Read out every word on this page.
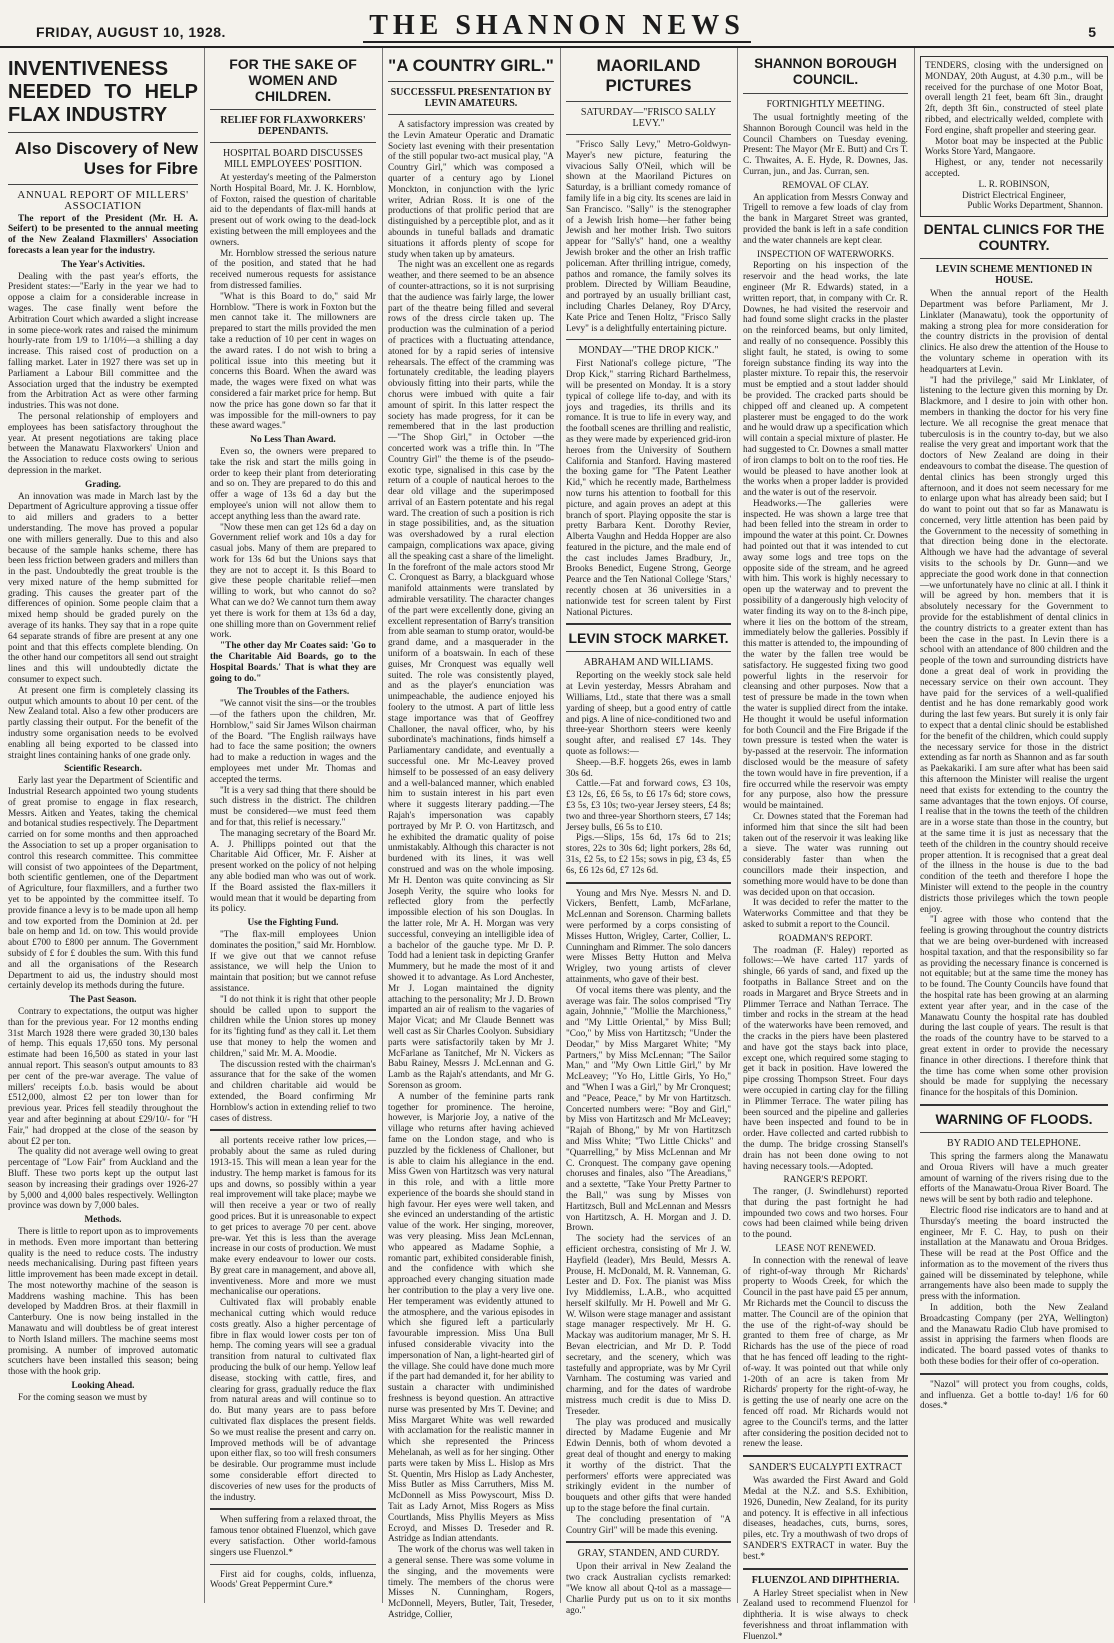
FRIDAY, AUGUST 10, 1928.	THE SHANNON NEWS	5
INVENTIVENESS NEEDED TO HELP FLAX INDUSTRY
Also Discovery of New Uses for Fibre
ANNUAL REPORT OF MILLERS' ASSOCIATION

The report of the President (Mr. H. A. Seifert) to be presented to the annual meeting of the New Zealand Flaxmillers' Association forecasts a lean year for the industry.

The Year's Activities.

Dealing with the past year's efforts, the President states:—"Early in the year we had to oppose a claim for a considerable increase in wages. The case finally went before the Arbitration Court which awarded a slight increase in some piece-work rates and raised the minimum hourly-rate from 1/9 to 1/10½—a shilling a day increase. This raised cost of production on a falling market. Later in 1927 there was set up in Parliament a Labour Bill committee and the Association urged that the industry be exempted from the Arbitration Act as were other farming industries. This was not done.

The personal relationship of employers and employees has been satisfactory throughout the year. At present negotiations are taking place between the Manawatu Flaxworkers' Union and the Association to reduce costs owing to serious depression in the market.

Grading.

An innovation was made in March last by the Department of Agriculture approving a tissue offer to aid millers and graders to a better understanding. The move has proved a popular one with millers generally. Due to this and also because of the sample hanks scheme, there has been less friction between graders and millers than in the past. Undoubtedly the great trouble is the very mixed nature of the hemp submitted for grading. This causes the greater part of the differences of opinion. Some people claim that a mixed hemp should be graded purely on the average of its hanks. They say that in a rope quite 64 separate strands of fibre are present at any one point and that this effects complete blending. On the other hand our competitors all send out straight lines and this will undoubtedly dictate the consumer to expect such.

At present one firm is completely classing its output which amounts to about 10 per cent. of the New Zealand total. Also a few other producers are partly classing their output. For the benefit of the industry some organisation needs to be evolved enabling all being exported to be classed into straight lines containing hanks of one grade only.

Scientific Research.

Early last year the Department of Scientific and Industrial Research appointed two young students of great promise to engage in flax research, Messrs. Aitken and Yeates, taking the chemical and botanical studies respectively. The Department carried on for some months and then approached the Association to set up a proper organisation to control this research committee. This committee will consist of two appointees of the Department, both scientific gentlemen, one of the Department of Agriculture, four flaxmillers, and a further two yet to be appointed by the committee itself. To provide finance a levy is to be made upon all hemp and tow exported from the Dominion at 2d. per bale on hemp and 1d. on tow. This would provide about £700 to £800 per annum. The Government subsidy of £ for £ doubles the sum. With this fund and all the organisations of the Research Department to aid us, the industry should most certainly develop its methods during the future.

The Past Season.

Contrary to expectations, the output was higher than for the previous year. For 12 months ending 31st March 1928 there were graded 30,130 bales of hemp. This equals 17,650 tons. My personal estimate had been 16,500 as stated in your last annual report. This season's output amounts to 83 per cent of the pre-war average. The value of millers' receipts f.o.b. basis would be about £512,000, almost £2 per ton lower than for previous year. Prices fell steadily throughout the year and after beginning at about £29/10/- for "H Fair," had dropped at the close of the season by about £2 per ton.

The quality did not average well owing to great percentage of "Low Fair" from Auckland and the Bluff. These two ports kept up the output last season by increasing their gradings over 1926-27 by 5,000 and 4,000 bales respectively. Wellington province was down by 7,000 bales.

Methods.

There is little to report upon as to improvements in methods. Even more important than bettering quality is the need to reduce costs. The industry needs mechanicalising. During past fifteen years little improvement has been made except in detail. The most noteworthy machine of the season is Maddrens washing machine. This has been developed by Maddren Bros. at their flaxmill in Canterbury. One is now being installed in the Manawatu and will doubtless be of great interest to North Island millers. The machine seems most promising. A number of improved automatic scutchers have been installed this season; being those with the hook grip.

Looking Ahead.

For the coming season we must by

FOR THE SAKE OF WOMEN AND CHILDREN.
RELIEF FOR FLAXWORKERS' DEPENDANTS.
HOSPITAL BOARD DISCUSSES MILL EMPLOYEES' POSITION.

At yesterday's meeting of the Palmerston North Hospital Board, Mr. J. K. Hornblow, of Foxton, raised the question of charitable aid to the dependants of flax-mill hands at present out of work owing to the dead-lock existing between the mill employees and the owners.

Mr. Hornblow stressed the serious nature of the position, and stated that he had received numerous requests for assistance from distressed families.

"What is this Board to do," said Mr Hornblow. "There is work in Foxton but the men cannot take it. The millowners are prepared to start the mills provided the men take a reduction of 10 per cent in wages on the award rates. I do not wish to bring a political issue into this meeting but it concerns this Board. When the award was made, the wages were fixed on what was considered a fair market price for hemp. But now the price has gone down so far that it was impossible for the mill-owners to pay these award wages."

No Less Than Award.

Even so, the owners were prepared to take the risk and start the mills going in order to keep their plant from deteriorating and so on. They are prepared to do this and offer a wage of 13s 6d a day but the employee's union will not allow them to accept anything less than the award rate.

"Now these men can get 12s 6d a day on Government relief work and 10s a day for casual jobs. Many of them are prepared to work for 13s 6d but the Unions says that they are not to accept it. Is this Board to give these people charitable relief—men willing to work, but who cannot do so? What can we do? We cannot turn them away yet there is work for them at 13s 6d a day, one shilling more than on Government relief work.

"The other day Mr Coates said: 'Go to the Charitable Aid Boards, go to the Hospital Boards.' That is what they are going to do."

The Troubles of the Fathers.

"We cannot visit the sins—or the troubles—of the fathers upon the children, Mr. Hornblow," said Sir James Wilson chairman of the Board. "The English railways have had to face the same position; the owners had to make a reduction in wages and the employees met under Mr. Thomas and accepted the terms.

"It is a very sad thing that there should be such distress in the district. The children must be considered—we must feed them and for that, this relief is necessary."

The managing secretary of the Board Mr. A. J. Phillipps pointed out that the Charitable Aid Officer, Mr. F. Aisher at present worked on the policy of not helping any able bodied man who was out of work. If the Board assisted the flax-millers it would mean that it would be departing from its policy.

Use the Fighting Fund.

"The flax-mill employees Union dominates the position," said Mr. Hornblow. If we give out that we cannot refuse assistance, we will help the Union to maintain that position; but we cannot refuse assistance.

"I do not think it is right that other people should be called upon to support the children while the Union stores up money for its 'fighting fund' as they call it. Let them use that money to help the women and children," said Mr. M. A. Moodie.

The discussion rested with the chairman's assurance that for the sake of the women and children charitable aid would be extended, the Board confirming Mr Hornblow's action in extending relief to two cases of distress.

all portents receive rather low prices,—probably about the same as ruled during 1913-15. This will mean a lean year for the industry. The hemp market is famous for its ups and downs, so possibly within a year real improvement will take place; maybe we will then receive a year or two of really good prices. But it is unreasonable to expect to get prices to average 70 per cent. above pre-war. Yet this is less than the average increase in our costs of production. We must make every endeavour to lower our costs. By great care in management, and above all, inventiveness. More and more we must mechanicalise our operations.

Cultivated flax will probably enable mechanical cutting which would reduce costs greatly. Also a higher percentage of fibre in flax would lower costs per ton of hemp. The coming years will see a gradual transition from natural to cultivated flax producing the bulk of our hemp. Yellow leaf disease, stocking with cattle, fires, and clearing for grass, gradually reduce the flax from natural areas and will continue so to do. But many years are to pass before cultivated flax displaces the present fields. So we must realise the present and carry on. Improved methods will be of advantage upon either flax, so too will fresh consumers be desirable. Our programme must include some considerable effort directed to discoveries of new uses for the products of the industry.

When suffering from a relaxed throat, the famous tenor obtained Fluenzol, which gave every satisfaction. Other world-famous singers use Fluenzol.*

First aid for coughs, colds, influenza, Woods' Great Peppermint Cure.*

"A COUNTRY GIRL."
SUCCESSFUL PRESENTATION BY LEVIN AMATEURS.

A satisfactory impression was created by the Levin Amateur Operatic and Dramatic Society last evening with their presentation of the still popular two-act musical play, "A Country Girl," which was composed a quarter of a century ago by Lionel Monckton, in conjunction with the lyric writer, Adrian Ross. It is one of the productions of that prolific period that are distinguished by a perceptible plot, and as it abounds in tuneful ballads and dramatic situations it affords plenty of scope for study when taken up by amateurs.

The night was an excellent one as regards weather, and there seemed to be an absence of counter-attractions, so it is not surprising that the audience was fairly large, the lower part of the theatre being filled and several rows of the dress circle taken up. The production was the culmination of a period of practices with a fluctuating attendance, atoned for by a rapid series of intensive rehearsals. The effect of the cramming was fortunately creditable, the leading players obviously fitting into their parts, while the chorus were imbued with quite a fair amount of spirit. In this latter respect the society has made progress, for it can be remembered that in the last production—"The Shop Girl," in October —the concerted work was a trifle thin. In "The Country Girl" the theme is of the pseudo-exotic type, signalised in this case by the return of a couple of nautical heroes to the dear old village and the superimposed arrival of an Eastern potentate and his regal ward. The creation of such a position is rich in stage possibilities, and, as the situation was overshadowed by a rural election campaign, complications wax apace, giving all the speaking cast a share of the limelight. In the forefront of the male actors stood Mr C. Cronquest as Barry, a blackguard whose manifold attainments were translated by admirable versatility. The character changes of the part were excellently done, giving an excellent representation of Barry's transition from able seaman to stump orator, would-be grand dame, and a masquerader in the uniform of a boatswain. In each of these guises, Mr Cronquest was equally well suited. The role was consistently played, and as the player's enunciation was unimpeachable, the audience enjoyed his foolery to the utmost. A part of little less stage importance was that of Geoffrey Challoner, the naval officer, who, by his subordinate's machinations, finds himself a Parliamentary candidate, and eventually a successful one. Mr Mc-Leavey proved himself to be possessed of an easy delivery and a well-balanced manner, which enabled him to sustain interest in his part even where it suggests literary padding.—The Rajah's impersonation was capably portrayed by Mr P. O. von Hartitzsch, and he exhibited the dramatic quality of poise unmistakably. Although this character is not burdened with its lines, it was well construed and was on the whole imposing. Mr H. Denton was quite convincing as Sir Joseph Verity, the squire who looks for reflected glory from the perfectly impossible election of his son Douglas. In the latter role, Mr A. H. Morgan was very successful, conveying an intelligible idea of a bachelor of the gauche type. Mr D. P. Todd had a lenient task in depicting Granfer Mummery, but he made the most of it and showed it to advantage. As Lord Anchester, Mr J. Logan maintained the dignity attaching to the personality; Mr J. D. Brown imparted an air of realism to the vagaries of Major Vicat; and Mr Claude Bennett was well cast as Sir Charles Coolyon. Subsidiary parts were satisfactorily taken by Mr J. McFarlane as Tanitchef, Mr N. Vickers as Babu Rainey, Messrs J. McLennan and G. Lamb as the Rajah's attendants, and Mr G. Sorenson as groom.

A number of the feminine parts rank together for prominence. The heroine, however, is Marjorie Joy, a native of the village who returns after having achieved fame on the London stage, and who is puzzled by the fickleness of Challoner, but is able to claim his allegiance in the end. Miss Gwen von Hartitzsch was very natural in this role, and with a little more experience of the boards she should stand in high favour. Her eyes were well taken, and she evinced an understanding of the artistic value of the work. Her singing, moreover, was very pleasing. Miss Jean McLennan, who appeared as Madame Sophie, a romantic part, exhibited considerable finish, and the confidence with which she approached every changing situation made her contribution to the play a very live one. Her temperament was evidently attuned to the atmosphere, and the various episodes in which she figured left a particularly favourable impression. Miss Una Bull infused considerable vivacity into the impersonation of Nan, a light-hearted girl of the village. She could have done much more if the part had demanded it, for her ability to sustain a character with undiminished freshness is beyond question. An attractive nurse was presented by Mrs T. Devine; and Miss Margaret White was well rewarded with acclamation for the realistic manner in which she represented the Princess Mehelanah, as well as for her singing. Other parts were taken by Miss L. Hislop as Mrs St. Quentin, Mrs Hislop as Lady Anchester, Miss Butler as Miss Carruthers, Miss M. McDonnell as Miss Powyscourt, Miss D. Tait as Lady Arnot, Miss Rogers as Miss Courtlands, Miss Phyllis Meyers as Miss Ecroyd, and Misses D. Treseder and R. Astridge as Indian attendants.

The work of the chorus was well taken in a general sense. There was some volume in the singing, and the movements were timely. The members of the chorus were Misses N. Cunningham, Rogers, McDonnell, Meyers, Butler, Tait, Treseder, Astridge, Collier,

MAORILAND PICTURES
SATURDAY—"FRISCO SALLY LEVY."

"Frisco Sally Levy," Metro-Goldwyn-Mayer's new picture, featuring the vivacious Sally O'Neil, which will be shown at the Maoriland Pictures on Saturday, is a brilliant comedy romance of family life in a big city. Its scenes are laid in San Francisco. "Sally" is the stenographer of a Jewish Irish home—her father being Jewish and her mother Irish. Two suitors appear for "Sally's" hand, one a wealthy Jewish broker and the other an Irish traffic policeman. After thrilling intrigue, comedy, pathos and romance, the family solves its problem. Directed by William Beaudine, and portrayed by an usually brilliant cast, including Charles Delaney, Roy D'Arcy, Kate Price and Tenen Holtz, "Frisco Sally Levy" is a delightfully entertaining picture.

MONDAY—"THE DROP KICK."

First National's college picture, "The Drop Kick," starring Richard Barthelmess, will be presented on Monday. It is a story typical of college life to-day, and with its joys and tragedies, its thrills and its romance. It is true to life in every way, and the football scenes are thrilling and realistic, as they were made by experienced grid-iron heroes from the University of Southern California and Stanford. Having mastered the boxing game for "The Patent Leather Kid," which he recently made, Barthelmess now turns his attention to football for this picture, and again proves an adept at this branch of sport. Playing opposite the star is pretty Barbara Kent. Dorothy Revier, Alberta Vaughn and Hedda Hopper are also featured in the picture, and the male end of the cast includes James Bradbury, Jr., Brooks Benedict, Eugene Strong, George Pearce and the Ten National College 'Stars,' recently chosen at 36 universities in a nationwide test for screen talent by First National Pictures.

LEVIN STOCK MARKET.
ABRAHAM AND WILLIAMS.

Reporting on the weekly stock sale held at Levin yesterday, Messrs Abraham and Williams, Ltd., state that there was a small yarding of sheep, but a good entry of cattle and pigs. A line of nice-conditioned two and three-year Shorthorn steers were keenly sought after, and realised £7 14s. They quote as follows:—

Sheep.—B.F. hoggets 26s, ewes in lamb 30s 6d.

Cattle.—Fat and forward cows, £3 10s, £3 12s, £6, £6 5s, to £6 17s 6d; store cows, £3 5s, £3 10s; two-year Jersey steers, £4 8s; two and three-year Shorthorn steers, £7 14s; Jersey bulls, £6 5s to £10.

Pigs.—Slips, 15s 6d, 17s 6d to 21s; stores, 22s to 30s 6d; light porkers, 28s 6d, 31s, £2 5s, to £2 15s; sows in pig, £3 4s, £5 6s, £6 12s 6d, £7 12s 6d.

Young and Mrs Nye. Messrs N. and D. Vickers, Benfett, Lamb, McFarlane, McLennan and Sorenson. Charming ballets were performed by a corps consisting of Misses Hutton, Wrigley, Carter, Collier, L. Cunningham and Rimmer. The solo dancers were Misses Betty Hutton and Melva Wrigley, two young artists of clever attainments, who gave of their best.

Of vocal items there was plenty, and the average was fair. The solos comprised "Try again, Johnnie," "Mollie the Marchioness," and "My Little Oriental," by Miss Bull; "Coo," by Miss von Hartitzsch; "Under the Deodar," by Miss Margaret White; "My Partners," by Miss McLennan; "The Sailor Man," and "My Own Little Girl," by Mr McLeavey; "Yo Ho, Little Girls, Yo Ho," and "When I was a Girl," by Mr Cronquest; and "Peace, Peace," by Mr von Hartitzsch. Concerted numbers were: "Boy and Girl," by Miss von Hartitzsch and Mr McLeavey; "Rajah of Bhong," by Mr von Hartitzsch and Miss White; "Two Little Chicks" and "Quarrelling," by Miss McLennan and Mr C. Cronquest. The company gave opening choruses and finales, also "The Areadians," and a sextette, "Take Your Pretty Partner to the Ball," was sung by Misses von Hartitzsch, Bull and McLennan and Messrs von Hartitzsch, A. H. Morgan and J. D. Brown.

The society had the services of an efficient orchestra, consisting of Mr J. W. Hayfield (leader), Mrs Beuld, Messrs A. Prouse, H. McDonald, M. R. Vanneman, G. Lester and D. Fox. The pianist was Miss Ivy Middlemiss, L.A.B., who acquitted herself skilfully. Mr H. Powell and Mr G. W. Wilson were stage manager and assistant stage manager respectively. Mr H. G. Mackay was auditorium manager, Mr S. H. Bevan electrician, and Mr D. P. Todd secretary, and the scenery, which was tastefully and appropriate, was by Mr Cyril Varnham. The costuming was varied and charming, and for the dates of wardrobe mistress much credit is due to Miss D. Treseder.

The play was produced and musically directed by Madame Eugenie and Mr Edwin Dennis, both of whom devoted a great deal of thought and energy to making it worthy of the district. That the performers' efforts were appreciated was strikingly evident in the number of bouquets and other gifts that were handed up to the stage before the final curtain.

The concluding presentation of "A Country Girl" will be made this evening.

GRAY, STANDEN, AND CURDY.

Upon their arrival in New Zealand the two crack Australian cyclists remarked: "We know all about Q-tol as a massage—Charlie Purdy put us on to it six months ago."

SHANNON BOROUGH COUNCIL.
FORTNIGHTLY MEETING.

The usual fortnightly meeting of the Shannon Borough Council was held in the Council Chambers on Tuesday evening. Present: The Mayor (Mr E. Butt) and Crs T. C. Thwaites, A. E. Hyde, R. Downes, Jas. Curran, jun., and Jas. Curran, sen.

REMOVAL OF CLAY.

An application from Messrs Conway and Trigell to remove a few loads of clay from the bank in Margaret Street was granted, provided the bank is left in a safe condition and the water channels are kept clear.

INSPECTION OF WATERWORKS.

Reporting on his inspection of the reservoir and the head works, the late engineer (Mr R. Edwards) stated, in a written report, that, in company with Cr. R. Downes, he had visited the reservoir and had found some slight cracks in the plaster on the reinforced beams, but only limited, and really of no consequence. Possibly this slight fault, he stated, is owing to some foreign substance finding its way into the plaster mixture. To repair this, the reservoir must be emptied and a stout ladder should be provided. The cracked parts should be chipped off and cleaned up. A competent plasterer must be engaged to do the work and he would draw up a specification which will contain a special mixture of plaster. He had suggested to Cr. Downes a small matter of iron clamps to bolt on to the roof ties. He would be pleased to have another look at the works when a proper ladder is provided and the water is out of the reservoir.

Headworks.—The galleries were inspected. He was shown a large tree that had been felled into the stream in order to impound the water at this point. Cr. Downes had pointed out that it was intended to cut away some logs and tree tops on the opposite side of the stream, and he agreed with him. This work is highly necessary to open up the waterway and to prevent the possibility of a dangerously high velocity of water finding its way on to the 8-inch pipe, where it lies on the bottom of the stream, immediately below the galleries. Possibly if this matter is attended to, the impounding of the water by the fallen tree would be satisfactory. He suggested fixing two good powerful lights in the reservoir for cleansing and other purposes. Now that a test of pressure be made in the town when the water is supplied direct from the intake. He thought it would be useful information for both Council and the Fire Brigade if the town pressure is tested when the water is by-passed at the reservoir. The information disclosed would be the measure of safety the town would have in fire prevention, if a fire occurred while the reservoir was empty for any purpose, also how the pressure would be maintained.

Cr. Downes stated that the Foreman had informed him that since the silt had been taken out of the reservoir it was leaking like a sieve. The water was running out considerably faster than when the councillors made their inspection, and something more would have to be done than was decided upon on that occasion.

It was decided to refer the matter to the Waterworks Committee and that they be asked to submit a report to the Council.

ROADMAN'S REPORT.

The roadman (F. Haley) reported as follows:—We have carted 117 yards of shingle, 66 yards of sand, and fixed up the footpaths in Ballance Street and on the roads in Margaret and Bryce Streets and in Plimmer Terrace and Nathan Terrace. The timber and rocks in the stream at the head of the waterworks have been removed, and the cracks in the piers have been plastered and have got the stays back into place, except one, which required some staging to get it back in position. Have lowered the pipe crossing Thompson Street. Four days were occupied in carting clay for the filling in Plimmer Terrace. The water piling has been sourced and the pipeline and galleries have been inspected and found to be in order. Have collected and carted rubbish to the dump. The bridge crossing Stansell's drain has not been done owing to not having necessary tools.—Adopted.

RANGER'S REPORT.

The ranger, (J. Swindlehurst) reported that during the past fortnight he had impounded two cows and two horses. Four cows had been claimed while being driven to the pound.

LEASE NOT RENEWED.

In connection with the renewal of leave of right-of-way through Mr Richards' property to Woods Creek, for which the Council in the past have paid £5 per annum, Mr Richards met the Council to discuss the matter. The Council are of the opinion that the use of the right-of-way should be granted to them free of charge, as Mr Richards has the use of the piece of road that he has fenced off leading to the right-of-way. It was pointed out that while only 1-20th of an acre is taken from Mr Richards' property for the right-of-way, he is getting the use of nearly one acre on the fenced off road. Mr Richards would not agree to the Council's terms, and the latter after considering the position decided not to renew the lease.

SANDER'S EUCALYPTI EXTRACT

Was awarded the First Award and Gold Medal at the N.Z. and S.S. Exhibition, 1926, Dunedin, New Zealand, for its purity and potency. It is effective in all infectious diseases, headaches, cuts, burns, sores, piles, etc. Try a mouthwash of two drops of SANDER'S EXTRACT in water. Buy the best.*

FLUENZOL AND DIPHTHERIA.

A Harley Street specialist when in New Zealand used to recommend Fluenzol for diphtheria. It is wise always to check feverishness and throat inflammation with Fluenzol.*

TENDERS, closing with the undersigned on MONDAY, 20th August, at 4.30 p.m., will be received for the purchase of one Motor Boat, overall length 21 feet, beam 6ft 3in., draught 2ft, depth 3ft 6in., constructed of steel plate ribbed, and electrically welded, complete with Ford engine, shaft propeller and steering gear.

Motor boat may be inspected at the Public Works Store Yard, Mangaore.

Highest, or any, tender not necessarily accepted.

L. R. ROBINSON,

District Electrical Engineer,

Public Works Department, Shannon.

DENTAL CLINICS FOR THE COUNTRY.
LEVIN SCHEME MENTIONED IN HOUSE.

When the annual report of the Health Department was before Parliament, Mr J. Linklater (Manawatu), took the opportunity of making a strong plea for more consideration for the country districts in the provision of dental clinics. He also drew the attention of the House to the voluntary scheme in operation with its headquarters at Levin.

"I had the privilege," said Mr Linklater, of listening to the lecture given this morning by Dr. Blackmore, and I desire to join with other hon. members in thanking the doctor for his very fine lecture. We all recognise the great menace that tuberculosis is in the country to-day, but we also realise the very great and important work that the doctors of New Zealand are doing in their endeavours to combat the disease. The question of dental clinics has been strongly urged this afternoon, and it does not seem necessary for me to enlarge upon what has already been said; but I do want to point out that so far as Manawatu is concerned, very little attention has been paid by the Government to the necessity of something in that direction being done in the electorate. Although we have had the advantage of several visits to the schools by Dr. Gunn—and we appreciate the good work done in that connection—we unfortunately have no clinic at all. I think it will be agreed by hon. members that it is absolutely necessary for the Government to provide for the establishment of dental clinics in the country districts to a greater extent than has been the case in the past. In Levin there is a school with an attendance of 800 children and the people of the town and surrounding districts have done a great deal of work in providing the necessary service on their own account. They have paid for the services of a well-qualified dentist and he has done remarkably good work during the last few years. But surely it is only fair to expect that a dental clinic should be established for the benefit of the children, which could supply the necessary service for those in the district extending as far north as Shannon and as far south as Paekakariki. I am sure after what has been said this afternoon the Minister will realise the urgent need that exists for extending to the country the same advantages that the town enjoys. Of course, I realise that in the towns the teeth of the children are in a worse state than those in the country, but at the same time it is just as necessary that the teeth of the children in the country should receive proper attention. It is recognised that a great deal of the illness in the house is due to the bad condition of the teeth and therefore I hope the Minister will extend to the people in the country districts those privileges which the town people enjoy.

"I agree with those who contend that the feeling is growing throughout the country districts that we are being over-burdened with increased hospital taxation, and that the responsibility so far as providing the necessary finance is concerned is not equitable; but at the same time the money has to be found. The County Councils have found that the hospital rate has been growing at an alarming extent year after year, and in the case of the Manawatu County the hospital rate has doubled during the last couple of years. The result is that the roads of the country have to be starved to a great extent in order to provide the necessary finance in other directions. I therefore think that the time has come when some other provision should be made for supplying the necessary finance for the hospitals of this Dominion.

WARNING OF FLOODS.
BY RADIO AND TELEPHONE.

This spring the farmers along the Manawatu and Oroua Rivers will have a much greater amount of warning of the rivers rising due to the efforts of the Manawatu-Oroua River Board. The news will be sent by both radio and telephone.

Electric flood rise indicators are to hand and at Thursday's meeting the board instructed the engineer, Mr F. C. Hay, to push on their installation at the Manawatu and Oroua Bridges. These will be read at the Post Office and the information as to the movement of the rivers thus gained will be disseminated by telephone, while arrangements have also been made to supply the press with the information.

In addition, both the New Zealand Broadcasting Company (per 2YA, Wellington) and the Manawatu Radio Club have promised to assist in apprising the farmers when floods are indicated. The board passed votes of thanks to both these bodies for their offer of co-operation.

"Nazol" will protect you from coughs, colds, and influenza. Get a bottle to-day! 1/6 for 60 doses.*
